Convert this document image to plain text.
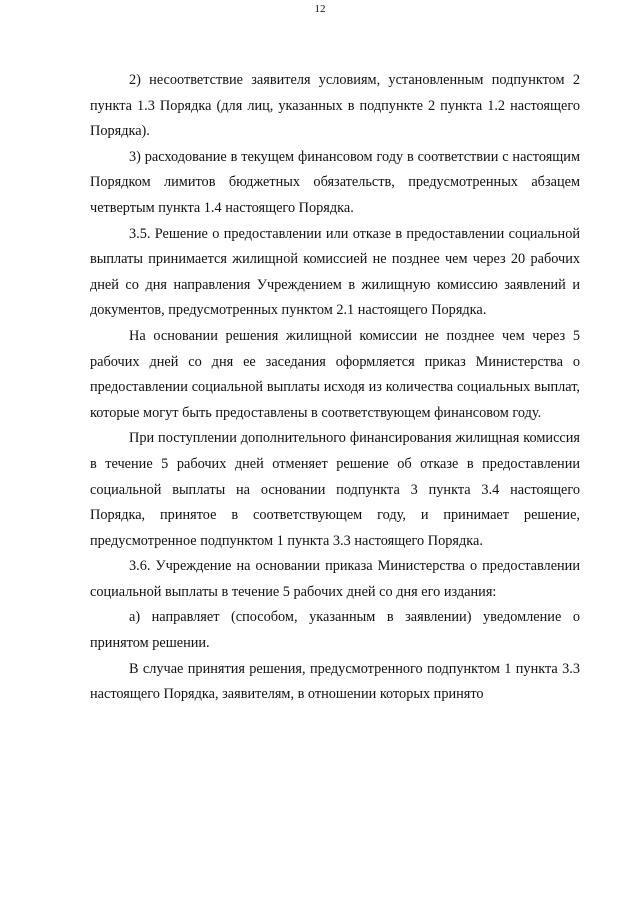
12

2) несоответствие заявителя условиям, установленным подпунктом 2 пункта 1.3 Порядка (для лиц, указанных в подпункте 2 пункта 1.2 настоящего Порядка).

3) расходование в текущем финансовом году в соответствии с настоящим Порядком лимитов бюджетных обязательств, предусмотренных абзацем четвертым пункта 1.4 настоящего Порядка.

3.5. Решение о предоставлении или отказе в предоставлении социальной выплаты принимается жилищной комиссией не позднее чем через 20 рабочих дней со дня направления Учреждением в жилищную комиссию заявлений и документов, предусмотренных пунктом 2.1 настоящего Порядка.

На основании решения жилищной комиссии не позднее чем через 5 рабочих дней со дня ее заседания оформляется приказ Министерства о предоставлении социальной выплаты исходя из количества социальных выплат, которые могут быть предоставлены в соответствующем финансовом году.

При поступлении дополнительного финансирования жилищная комиссия в течение 5 рабочих дней отменяет решение об отказе в предоставлении социальной выплаты на основании подпункта 3 пункта 3.4 настоящего Порядка, принятое в соответствующем году, и принимает решение, предусмотренное подпунктом 1 пункта 3.3 настоящего Порядка.

3.6. Учреждение на основании приказа Министерства о предоставлении социальной выплаты в течение 5 рабочих дней со дня его издания:

а) направляет (способом, указанным в заявлении) уведомление о принятом решении.

В случае принятия решения, предусмотренного подпунктом 1 пункта 3.3 настоящего Порядка, заявителям, в отношении которых принято
